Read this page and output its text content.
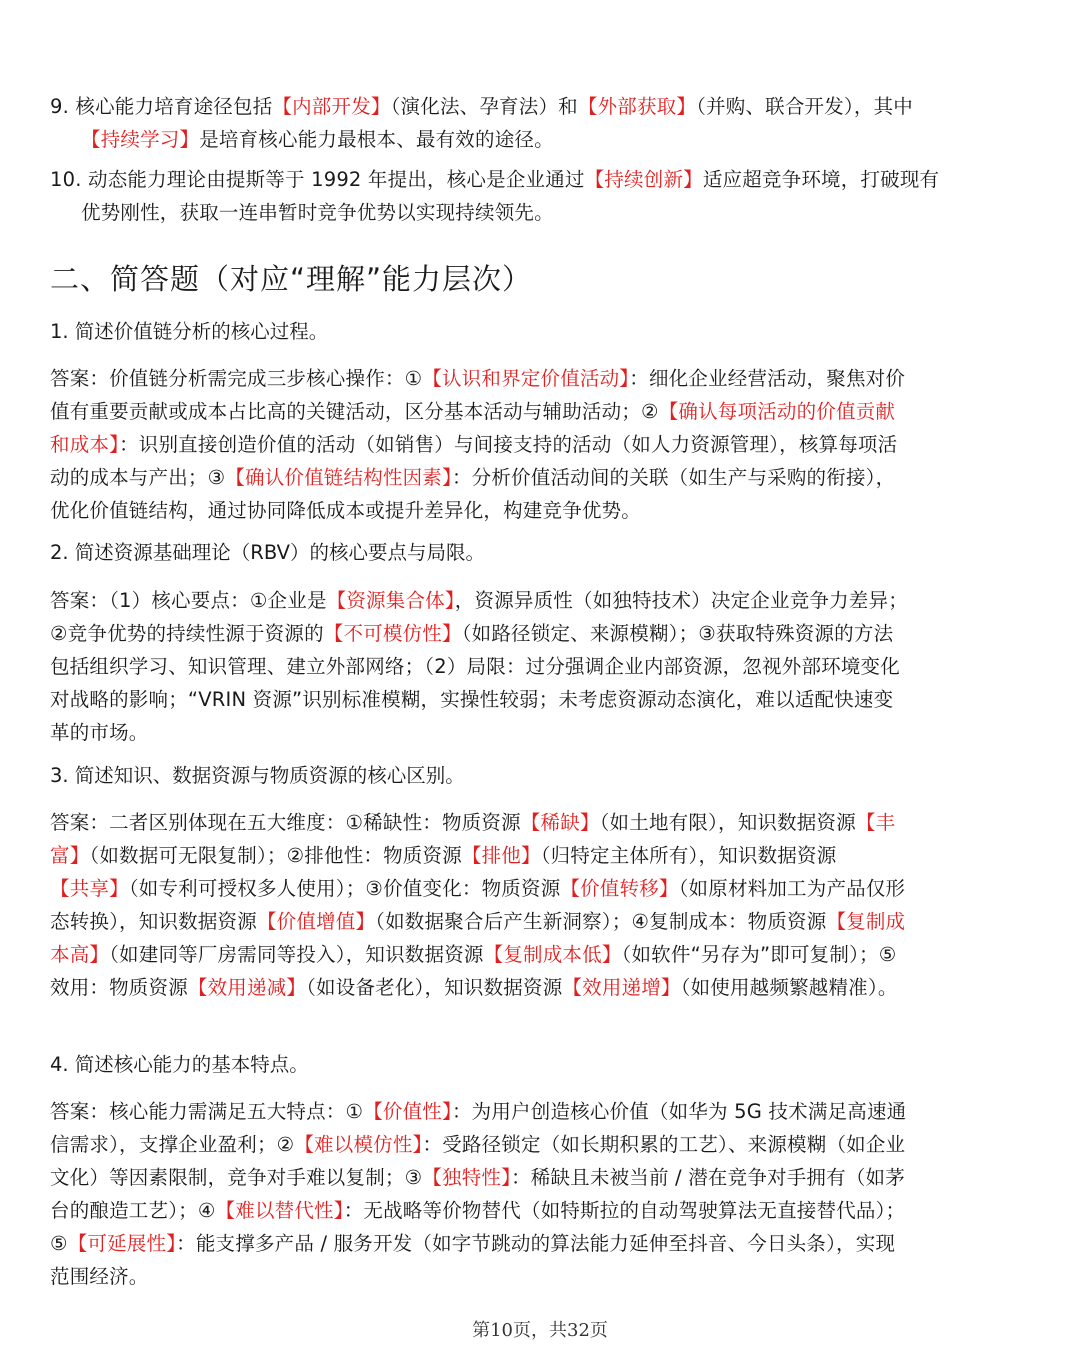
9. 核心能力培育途径包括【内部开发】（演化法、孕育法）和【外部获取】（并购、联合开发），其中【持续学习】是培育核心能力最根本、最有效的途径。
10. 动态能力理论由提斯等于 1992 年提出，核心是企业通过【持续创新】适应超竞争环境，打破现有优势刚性，获取一连串暂时竞争优势以实现持续领先。
二、简答题（对应“理解”能力层次）
1. 简述价值链分析的核心过程。
答案：价值链分析需完成三步核心操作：①【认识和界定价值活动】：细化企业经营活动，聚焦对价值有重要贡献或成本占比高的关键活动，区分基本活动与辅助活动；②【确认每项活动的价值贡献和成本】：识别直接创造价值的活动（如销售）与间接支持的活动（如人力资源管理），核算每项活动的成本与产出；③【确认价值链结构性因素】：分析价值活动间的关联（如生产与采购的衔接），优化价值链结构，通过协同降低成本或提升差异化，构建竞争优势。
2. 简述资源基础理论（RBV）的核心要点与局限。
答案：（1）核心要点：①企业是【资源集合体】，资源异质性（如独特技术）决定企业竞争力差异；②竞争优势的持续性源于资源的【不可模仿性】（如路径锁定、来源模糊）；③获取特殊资源的方法包括组织学习、知识管理、建立外部网络；（2）局限：过分强调企业内部资源，忽视外部环境变化对战略的影响；“VRIN 资源”识别标准模糊，实操性较弱；未考虑资源动态演化，难以适配快速变革的市场。
3. 简述知识、数据资源与物质资源的核心区别。
答案：二者区别体现在五大维度：①稀缺性：物质资源【稀缺】（如土地有限），知识数据资源【丰富】（如数据可无限复制）；②排他性：物质资源【排他】（归特定主体所有），知识数据资源【共享】（如专利可授权多人使用）；③价值变化：物质资源【价值转移】（如原材料加工为产品仅形态转换），知识数据资源【价值增值】（如数据聚合后产生新洞察）；④复制成本：物质资源【复制成本高】（如建同等厂房需同等投入），知识数据资源【复制成本低】（如软件“另存为”即可复制）；⑤效用：物质资源【效用递减】（如设备老化），知识数据资源【效用递增】（如使用越频繁越精准）。
4. 简述核心能力的基本特点。
答案：核心能力需满足五大特点：①【价值性】：为用户创造核心价值（如华为 5G 技术满足高速通信需求），支撑企业盈利；②【难以模仿性】：受路径锁定（如长期积累的工艺）、来源模糊（如企业文化）等因素限制，竞争对手难以复制；③【独特性】：稀缺且未被当前 / 潜在竞争对手拥有（如茅台的酿造工艺）；④【难以替代性】：无战略等价物替代（如特斯拉的自动驾驶算法无直接替代品）；⑤【可延展性】：能支撑多产品 / 服务开发（如字节跳动的算法能力延伸至抖音、今日头条），实现范围经济。
第10页，共32页
